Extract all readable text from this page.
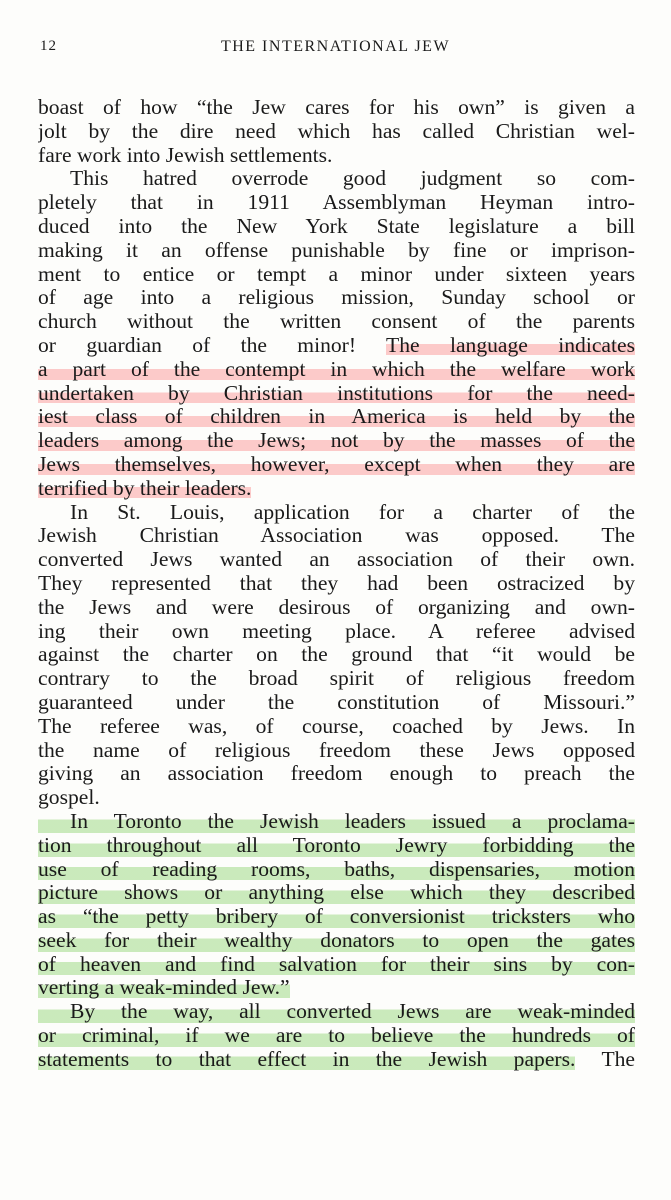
12	THE INTERNATIONAL JEW
boast of how “the Jew cares for his own” is given a
jolt by the dire need which has called Christian wel-
fare work into Jewish settlements.
This hatred overrode good judgment so com-
pletely that in 1911 Assemblyman Heyman intro-
duced into the New York State legislature a bill
making it an offense punishable by fine or imprison-
ment to entice or tempt a minor under sixteen years
of age into a religious mission, Sunday school or
church without the written consent of the parents
or guardian of the minor! The language indicates
a part of the contempt in which the welfare work
undertaken by Christian institutions for the need-
iest class of children in America is held by the
leaders among the Jews; not by the masses of the
Jews themselves, however, except when they are
terrified by their leaders.
In St. Louis, application for a charter of the
Jewish Christian Association was opposed. The
converted Jews wanted an association of their own.
They represented that they had been ostracized by
the Jews and were desirous of organizing and own-
ing their own meeting place. A referee advised
against the charter on the ground that “it would be
contrary to the broad spirit of religious freedom
guaranteed under the constitution of Missouri.”
The referee was, of course, coached by Jews. In
the name of religious freedom these Jews opposed
giving an association freedom enough to preach the
gospel.
In Toronto the Jewish leaders issued a proclama-
tion throughout all Toronto Jewry forbidding the
use of reading rooms, baths, dispensaries, motion
picture shows or anything else which they described
as “the petty bribery of conversionist tricksters who
seek for their wealthy donators to open the gates
of heaven and find salvation for their sins by con-
verting a weak-minded Jew.”
By the way, all converted Jews are weak-minded
or criminal, if we are to believe the hundreds of
statements to that effect in the Jewish papers. The
